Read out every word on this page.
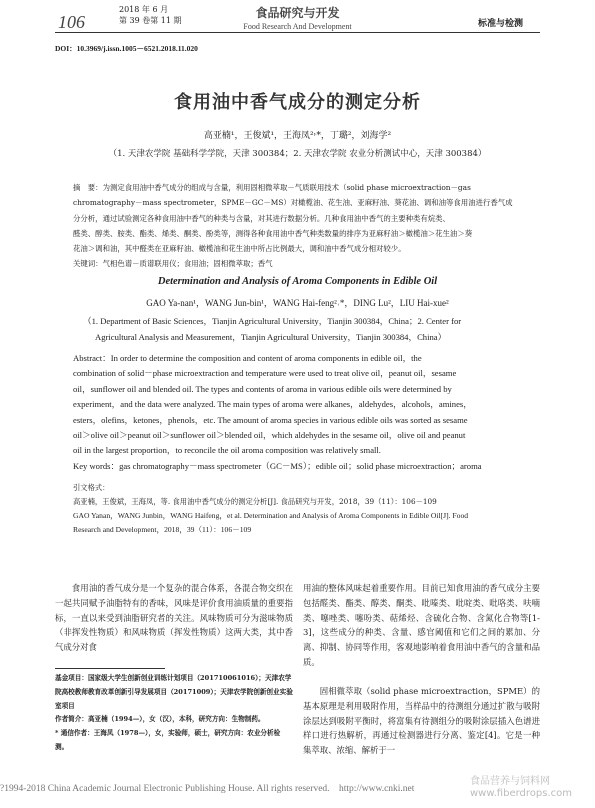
2018 年 6 月
第 39 卷第 11 期
106	食品研究与开发
Food Research And Development	标准与检测
DOI：10.3969/j.issn.1005－6521.2018.11.020
食用油中香气成分的测定分析
高亚楠¹，王俊斌¹，王海凤²˒*，丁璐²，刘海学²
（1. 天津农学院 基础科学学院，天津 300384；2. 天津农学院 农业分析测试中心，天津 300384）
摘　要：为测定食用油中香气成分的组成与含量，利用固相微萃取－气质联用技术（solid phase microextraction－gas
chromatography－mass spectrometer，SPME－GC－MS）对橄榄油、花生油、亚麻籽油、葵花油、调和油等食用油进行香气成
分分析，通过试验测定各种食用油中香气的种类与含量，对其进行数据分析。几种食用油中香气的主要种类有烷类、
醛类、醇类、胺类、酯类、烯类、酮类、酚类等，测得各种食用油中香气种类数量的排序为亚麻籽油＞橄榄油＞花生油＞葵
花油＞调和油，其中醛类在亚麻籽油、橄榄油和花生油中所占比例最大，调和油中香气成分相对较少。
关键词：气相色谱－质谱联用仪；食用油；固相微萃取；香气
Determination and Analysis of Aroma Components in Edible Oil
GAO Ya-nan¹，WANG Jun-bin¹，WANG Hai-feng²˒*，DING Lu²，LIU Hai-xue²
（1. Department of Basic Sciences，Tianjin Agricultural University，Tianjin 300384，China；2. Center for
Agricultural Analysis and Measurement，Tianjin Agricultural University，Tianjin 300384，China）
Abstract：In order to determine the composition and content of aroma components in edible oil，the
combination of solid－phase microextraction and temperature were used to treat olive oil，peanut oil，sesame
oil，sunflower oil and blended oil. The types and contents of aroma in various edible oils were determined by
experiment，and the data were analyzed. The main types of aroma were alkanes，aldehydes，alcohols，amines，
esters，olefins，ketones，phenols，etc. The amount of aroma species in various edible oils was sorted as sesame
oil＞olive oil＞peanut oil＞sunflower oil＞blended oil，which aldehydes in the sesame oil，olive oil and peanut
oil in the largest proportion，to reconcile the oil aroma composition was relatively small.
Key words：gas chromatography－mass spectrometer（GC－MS）；edible oil；solid phase microextraction；aroma
引文格式：
高亚楠，王俊斌，王海凤，等. 食用油中香气成分的测定分析[J]. 食品研究与开发，2018，39（11）：106－109
GAO Yanan，WANG Junbin，WANG Haifeng，et al. Determination and Analysis of Aroma Components in Edible Oil[J]. Food
Research and Development，2018，39（11）：106－109
食用油的香气成分是一个复杂的混合体系，各混合物交织在一起共同赋予油脂特有的香味，风味是评价食用油质量的重要指标，一直以来受到油脂研究者的关注。风味物质可分为滋味物质（非挥发性物质）和风味物质（挥发性物质）这两大类，其中香气成分对食
基金项目：国家级大学生创新创业训练计划项目（201710061016）；天津农学院高校教师教育改革创新引导发展项目（20171009）；天津农学院创新创业实验室项目
作者简介：高亚楠（1994—），女（汉），本科，研究方向：生物制药。
* 通信作者：王海凤（1978—），女，实验师，硕士，研究方向：农业分析检测。
用油的整体风味起着重要作用。目前已知食用油的香气成分主要包括醛类、酯类、醇类、酮类、吡嗪类、吡啶类、吡咯类、呋喃类、噻唑类、噻吩类、萜烯烃、含硫化合物、含氮化合物等[1-3]，这些成分的种类、含量、感官阈值和它们之间的累加、分离、抑制、协同等作用，客观地影响着食用油中香气的含量和品质。
固相微萃取（solid phase microextraction，SPME）的基本原理是利用吸附作用，当样品中的待测组分通过扩散与吸附涂层达到吸附平衡时，将富集有待测组分的吸附涂层插入色谱进样口进行热解析，再通过检测器进行分离、鉴定[4]。它是一种集萃取、浓缩、解析于一
?1994-2018 China Academic Journal Electronic Publishing House. All rights reserved.　http://www.cnki.net
食品营养与饲料网 www.fiberdrops.com
